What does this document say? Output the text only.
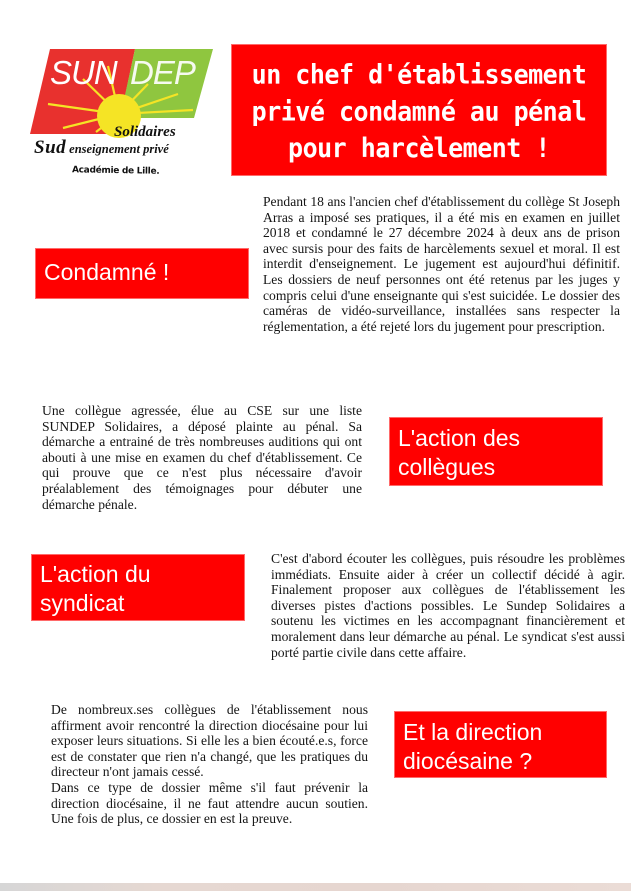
SUN DEP
Solidaires
Sud enseignement privé
Académie de Lille.
un chef d'établissement
privé condamné au pénal
pour harcèlement !
Condamné !

Pendant 18 ans l'ancien chef d'établissement du collège St Joseph Arras a imposé ses pratiques, il a été mis en examen en juillet 2018 et condamné le 27 décembre 2024 à deux ans de prison avec sursis pour des faits de harcèlements sexuel et moral. Il est interdit d'enseignement. Le jugement est aujourd'hui définitif. Les dossiers de neuf personnes ont été retenus par les juges y compris celui d'une enseignante qui s'est suicidée. Le dossier des caméras de vidéo-surveillance, installées sans respecter la réglementation, a été rejeté lors du jugement pour prescription.

Une collègue agressée, élue au CSE sur une liste SUNDEP Solidaires, a déposé plainte au pénal. Sa démarche a entrainé de très nombreuses auditions qui ont abouti à une mise en examen du chef d'établissement. Ce qui prouve que ce n'est plus nécessaire d'avoir préalablement des témoignages pour débuter une démarche pénale.

L'action des
collègues
L'action du
syndicat

C'est d'abord écouter les collègues, puis résoudre les problèmes immédiats. Ensuite aider à créer un collectif décidé à agir. Finalement proposer aux collègues de l'établissement les diverses pistes d'actions possibles. Le Sundep Solidaires a soutenu les victimes en les accompagnant financièrement et moralement dans leur démarche au pénal. Le syndicat s'est aussi porté partie civile dans cette affaire.

De nombreux.ses collègues de l'établissement nous affirment avoir rencontré la direction diocésaine pour lui exposer leurs situations. Si elle les a bien écouté.e.s, force est de constater que rien n'a changé, que les pratiques du directeur n'ont jamais cessé.

Dans ce type de dossier même s'il faut prévenir la direction diocésaine, il ne faut attendre aucun soutien. Une fois de plus, ce dossier en est la preuve.

Et la direction
diocésaine ?
